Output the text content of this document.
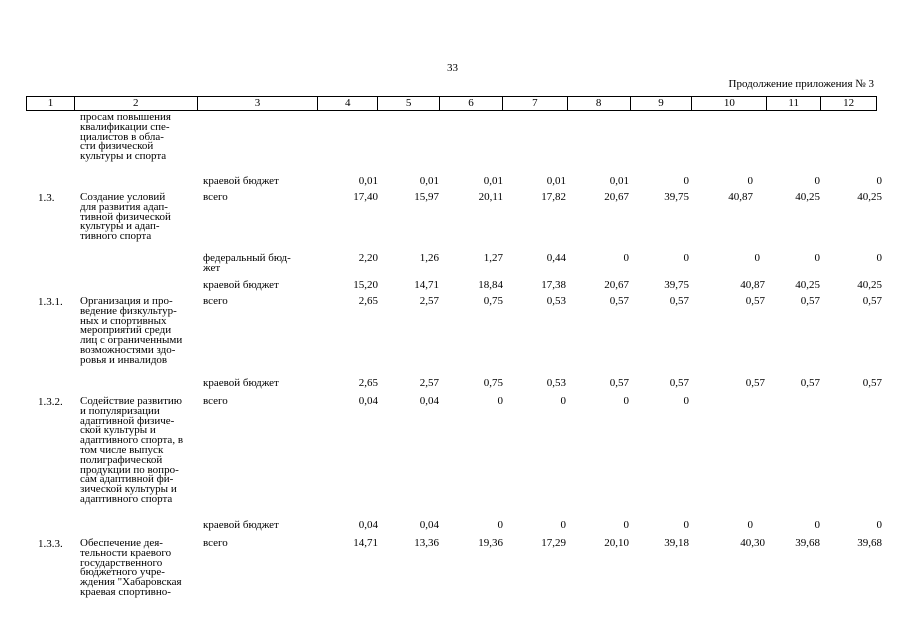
33
Продолжение приложения № 3
1	2	3	4	5	6	7	8	9	10	11	12
просам повышения
квалификации спе-
циалистов в обла-
сти физической
культуры и спорта
краевой бюджет	0,01	0,01	0,01	0,01	0,01	0	0	0	0
1.3. Создание условий
для развития адап-
тивной физической
культуры и адап-
тивного спорта
всего	17,40	15,97	20,11	17,82	20,67	39,75	40,87	40,25	40,25
федеральный бюд-
жет
2,20	1,26	1,27	0,44	0	0	0	0	0
краевой бюджет	15,20	14,71	18,84	17,38	20,67	39,75	40,87	40,25	40,25
1.3.1. Организация и про-
ведение физкультур-
ных и спортивных
мероприятий среди
лиц с ограниченными
возможностями здо-
ровья и инвалидов
всего	2,65	2,57	0,75	0,53	0,57	0,57	0,57	0,57	0,57
краевой бюджет	2,65	2,57	0,75	0,53	0,57	0,57	0,57	0,57	0,57
1.3.2. Содействие развитию
и популяризации
адаптивной физиче-
ской культуры и
адаптивного спорта, в
том числе выпуск
полиграфической
продукции по вопро-
сам адаптивной фи-
зической культуры и
адаптивного спорта
всего	0,04	0,04	0	0	0	0
краевой бюджет	0,04	0,04	0	0	0	0	0	0	0
1.3.3. Обеспечение дея-
тельности краевого
государственного
бюджетного учре-
ждения "Хабаровская
краевая спортивно-
всего	14,71	13,36	19,36	17,29	20,10	39,18	40,30	39,68	39,68
